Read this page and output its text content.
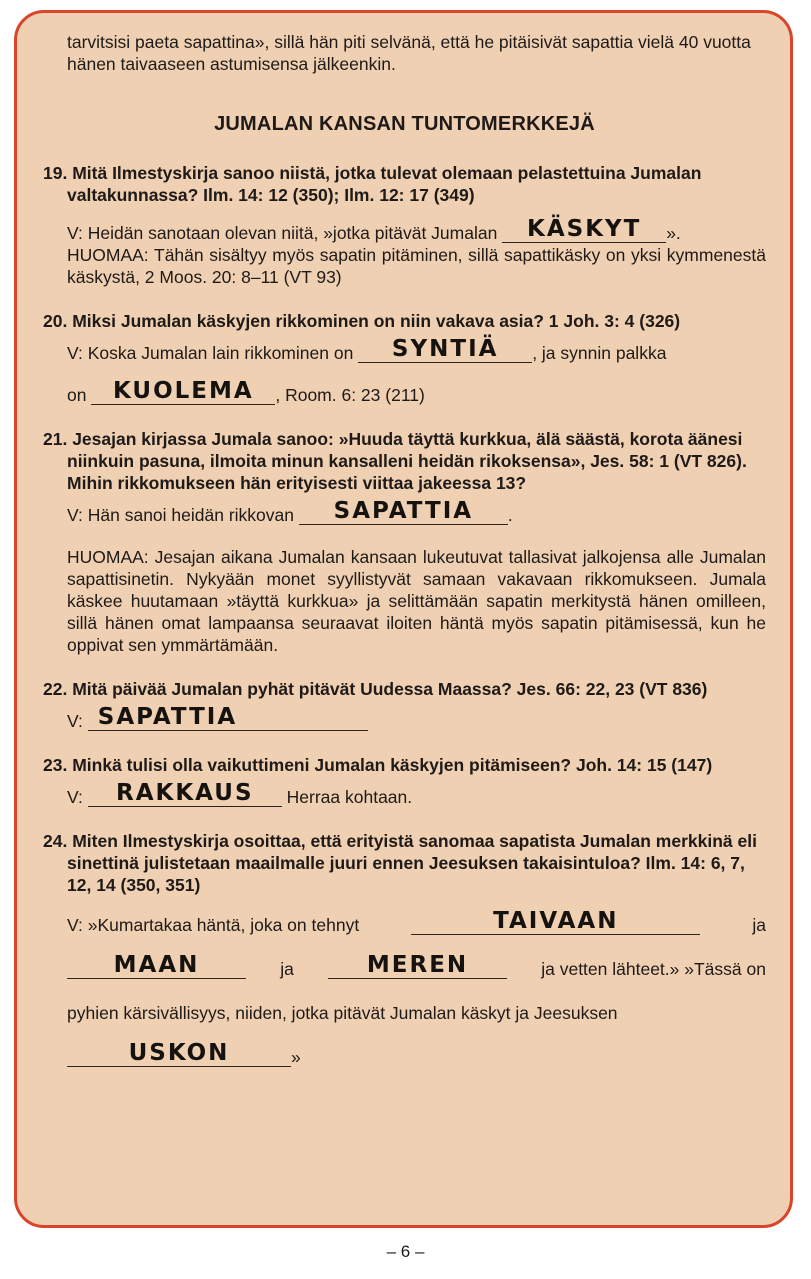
tarvitsisi paeta sapattina», sillä hän piti selvänä, että he pitäisivät sapattia vielä 40 vuotta hänen taivaaseen astumisensa jälkeenkin.

JUMALAN KANSAN TUNTOMERKKEJÄ
19. Mitä Ilmestyskirja sanoo niistä, jotka tulevat olemaan pelastettuina Jumalan valtakunnassa? Ilm. 14: 12 (350); Ilm. 12: 17 (349)
V: Heidän sanotaan olevan niitä, »jotka pitävät Jumalan KÄSKYT ».
HUOMAA: Tähän sisältyy myös sapatin pitäminen, sillä sapattikäsky on yksi kymmenestä käskystä, 2 Moos. 20: 8–11 (VT 93)
20. Miksi Jumalan käskyjen rikkominen on niin vakava asia? 1 Joh. 3: 4 (326)
V: Koska Jumalan lain rikkominen on SYNTIÄ , ja synnin palkka
on KUOLEMA , Room. 6: 23 (211)
21. Jesajan kirjassa Jumala sanoo: »Huuda täyttä kurkkua, älä säästä, korota äänesi niinkuin pasuna, ilmoita minun kansalleni heidän rikoksensa», Jes. 58: 1 (VT 826). Mihin rikkomukseen hän erityisesti viittaa jakeessa 13?
V: Hän sanoi heidän rikkovan SAPATTIA .
HUOMAA: Jesajan aikana Jumalan kansaan lukeutuvat tallasivat jalkojensa alle Jumalan sapattisinetin. Nykyään monet syyllistyvät samaan vakavaan rikkomukseen. Jumala käskee huutamaan »täyttä kurkkua» ja selittämään sapatin merkitystä hänen omilleen, sillä hänen omat lampaansa seuraavat iloiten häntä myös sapatin pitämisessä, kun he oppivat sen ymmärtämään.
22. Mitä päivää Jumalan pyhät pitävät Uudessa Maassa? Jes. 66: 22, 23 (VT 836)
V: SAPATTIA
23. Minkä tulisi olla vaikuttimeni Jumalan käskyjen pitämiseen? Joh. 14: 15 (147)
V: RAKKAUS Herraa kohtaan.
24. Miten Ilmestyskirja osoittaa, että erityistä sanomaa sapatista Jumalan merkkinä eli sinettinä julistetaan maailmalle juuri ennen Jeesuksen takaisintuloa? Ilm. 14: 6, 7, 12, 14 (350, 351)
V: »Kumartakaa häntä, joka on tehnyt	TAIVAAN	ja
MAAN	ja	MEREN	ja vetten lähteet.» »Tässä on
pyhien kärsivällisyys, niiden, jotka pitävät Jumalan käskyt ja Jeesuksen
USKON	»
– 6 –
